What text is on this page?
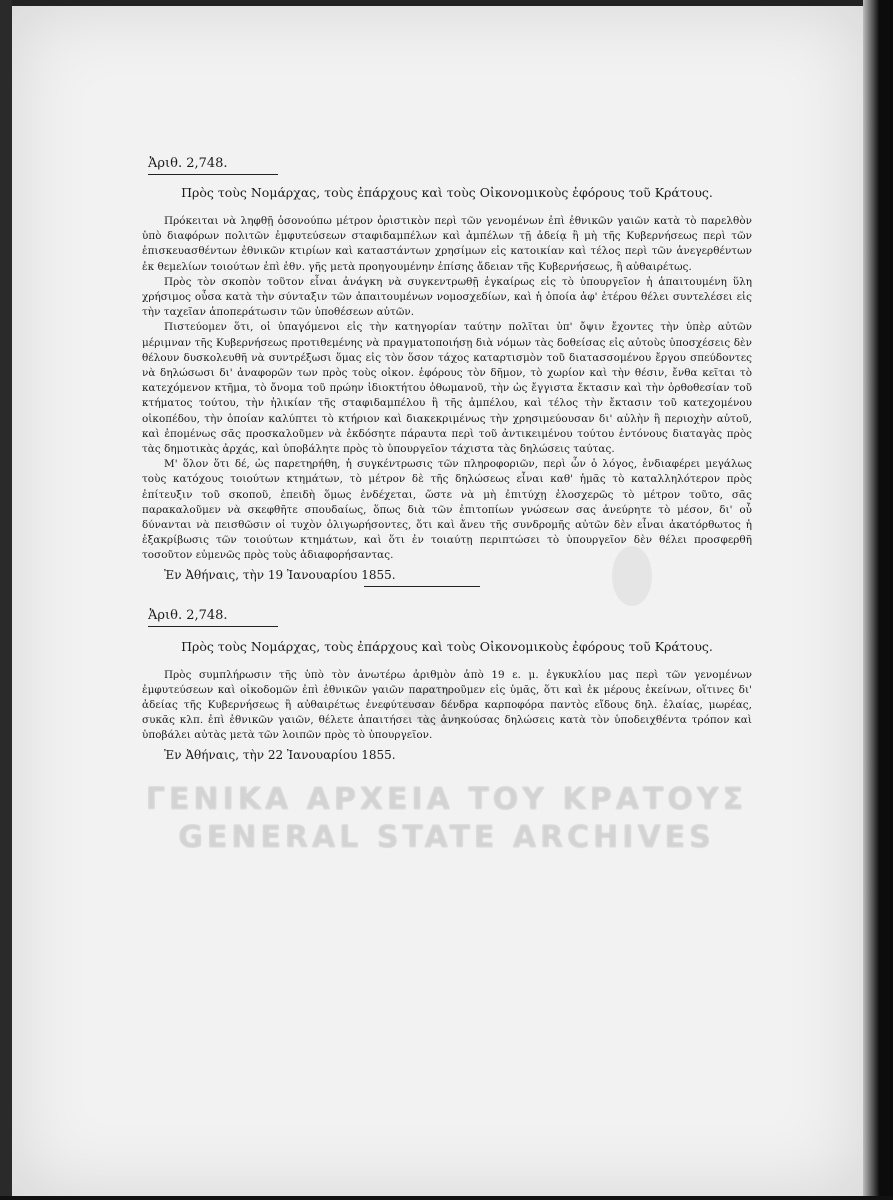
Ἀριθ. 2,748.
Πρὸς τοὺς Νομάρχας, τοὺς ἐπάρχους καὶ τοὺς Οἰκονομικοὺς ἐφόρους τοῦ Κράτους.

Πρόκειται νὰ ληφθῇ ὁσονούπω μέτρον ὁριστικὸν περὶ τῶν γενομένων ἐπὶ ἐθνικῶν γαιῶν κατὰ τὸ παρελθὸν ὑπὸ διαφόρων πολιτῶν ἐμφυτεύσεων σταφιδαμπέλων καὶ ἀμπέλων τῇ ἀδείᾳ ἢ μὴ τῆς Κυβερνήσεως περὶ τῶν ἐπισκευασθέντων ἐθνικῶν κτιρίων καὶ καταστάντων χρησίμων εἰς κατοικίαν καὶ τέλος περὶ τῶν ἀνεγερθέντων ἐκ θεμελίων τοιούτων ἐπὶ ἐθν. γῆς μετὰ προηγουμένην ἐπίσης ἄδειαν τῆς Κυβερνήσεως, ἢ αὐθαιρέτως.

Πρὸς τὸν σκοπὸν τοῦτον εἶναι ἀνάγκη νὰ συγκεντρωθῇ ἐγκαίρως εἰς τὸ ὑπουργεῖον ἡ ἀπαιτουμένη ὕλη χρήσιμος οὖσα κατὰ τὴν σύνταξιν τῶν ἀπαιτουμένων νομοσχεδίων, καὶ ἡ ὁποία ἀφ' ἑτέρου θέλει συντελέσει εἰς τὴν ταχεῖαν ἀποπεράτωσιν τῶν ὑποθέσεων αὐτῶν.

Πιστεύομεν ὅτι, οἱ ὑπαγόμενοι εἰς τὴν κατηγορίαν ταύτην πολῖται ὑπ' ὄψιν ἔχοντες τὴν ὑπὲρ αὐτῶν μέριμναν τῆς Κυβερνήσεως προτιθεμένης νὰ πραγματοποιήσῃ διὰ νόμων τὰς δοθείσας εἰς αὐτοὺς ὑποσχέσεις δὲν θέλουν δυσκολευθῆ νὰ συντρέξωσι ὅμας εἰς τὸν ὅσον τάχος καταρτισμὸν τοῦ διατασσομένου ἔργου σπεύδοντες νὰ δηλώσωσι δι' ἀναφορῶν των πρὸς τοὺς οἰκον. ἐφόρους τὸν δῆμον, τὸ χωρίον καὶ τὴν θέσιν, ἔνθα κεῖται τὸ κατεχόμενον κτῆμα, τὸ ὄνομα τοῦ πρώην ἰδιοκτήτου ὀθωμανοῦ, τὴν ὡς ἔγγιστα ἔκτασιν καὶ τὴν ὀρθοθεσίαν τοῦ κτήματος τούτου, τὴν ἡλικίαν τῆς σταφιδαμπέλου ἢ τῆς ἀμπέλου, καὶ τέλος τὴν ἔκτασιν τοῦ κατεχομένου οἰκοπέδου, τὴν ὁποίαν καλύπτει τὸ κτήριον καὶ διακεκριμένως τὴν χρησιμεύουσαν δι' αὐλὴν ἢ περιοχὴν αὐτοῦ, καὶ ἐπομένως σᾶς προσκαλοῦμεν νὰ ἐκδόσητε πάραυτα περὶ τοῦ ἀντικειμένου τούτου ἐντόνους διαταγὰς πρὸς τὰς δημοτικὰς ἀρχάς, καὶ ὑποβάλητε πρὸς τὸ ὑπουργεῖον τάχιστα τὰς δηλώσεις ταύτας.

Μ' ὅλον ὅτι δέ, ὡς παρετηρήθη, ἡ συγκέντρωσις τῶν πληροφοριῶν, περὶ ὧν ὁ λόγος, ἐνδιαφέρει μεγάλως τοὺς κατόχους τοιούτων κτημάτων, τὸ μέτρον δὲ τῆς δηλώσεως εἶναι καθ' ἡμᾶς τὸ καταλληλότερον πρὸς ἐπίτευξιν τοῦ σκοποῦ, ἐπειδὴ ὅμως ἐνδέχεται, ὥστε νὰ μὴ ἐπιτύχῃ ἐλοσχερῶς τὸ μέτρον τοῦτο, σᾶς παρακαλοῦμεν νὰ σκεφθῆτε σπουδαίως, ὅπως διὰ τῶν ἐπιτοπίων γνώσεων σας ἀνεύρητε τὸ μέσον, δι' οὗ δύνανται νὰ πεισθῶσιν οἱ τυχὸν ὀλιγωρήσοντες, ὅτι καὶ ἄνευ τῆς συνδρομῆς αὐτῶν δὲν εἶναι ἀκατόρθωτος ἡ ἐξακρίβωσις τῶν τοιούτων κτημάτων, καὶ ὅτι ἐν τοιαύτῃ περιπτώσει τὸ ὑπουργεῖον δὲν θέλει προσφερθῆ τοσοῦτον εὐμενῶς πρὸς τοὺς ἀδιαφορήσαντας.

Ἐν Ἀθήναις, τὴν 19 Ἰανουαρίου 1855.
Ἀριθ. 2,748.
Πρὸς τοὺς Νομάρχας, τοὺς ἐπάρχους καὶ τοὺς Οἰκονομικοὺς ἐφόρους τοῦ Κράτους.

Πρὸς συμπλήρωσιν τῆς ὑπὸ τὸν ἀνωτέρω ἀριθμὸν ἀπὸ 19 ε. μ. ἐγκυκλίου μας περὶ τῶν γενομένων ἐμφυτεύσεων καὶ οἰκοδομῶν ἐπὶ ἐθνικῶν γαιῶν παρατηροῦμεν εἰς ὑμᾶς, ὅτι καὶ ἐκ μέρους ἐκείνων, οἵτινες δι' ἀδείας τῆς Κυβερνήσεως ἢ αὐθαιρέτως ἐνεφύτευσαν δένδρα καρποφόρα παντὸς εἴδους δηλ. ἐλαίας, μωρέας, συκᾶς κλπ. ἐπὶ ἐθνικῶν γαιῶν, θέλετε ἀπαιτήσει τὰς ἀνηκούσας δηλώσεις κατὰ τὸν ὑποδειχθέντα τρόπον καὶ ὑποβάλει αὐτὰς μετὰ τῶν λοιπῶν πρὸς τὸ ὑπουργεῖον.

Ἐν Ἀθήναις, τὴν 22 Ἰανουαρίου 1855.
ΓΕΝΙΚΑ ΑΡΧΕΙΑ ΤΟΥ ΚΡΑΤΟΥΣ
GENERAL STATE ARCHIVES
